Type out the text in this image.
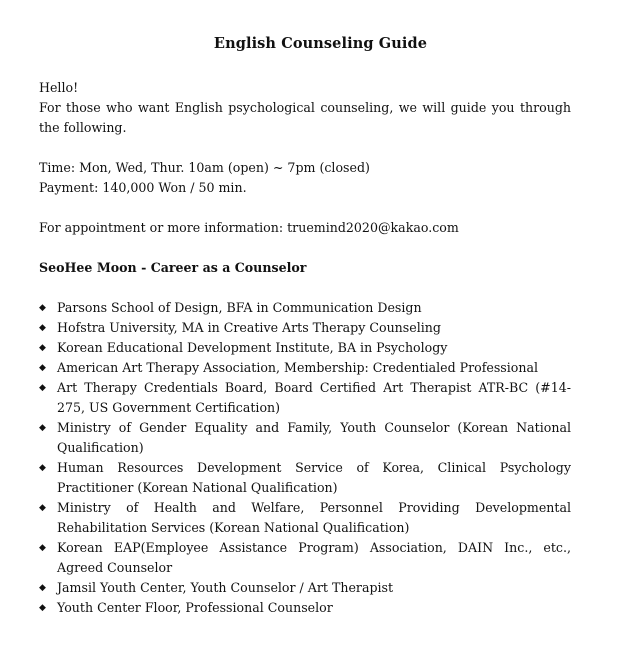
English Counseling Guide

Hello!

For those who want English psychological counseling, we will guide you through the following.

Time: Mon, Wed, Thur. 10am (open) ~ 7pm (closed)

Payment: 140,000 Won / 50 min.

For appointment or more information: truemind2020@kakao.com

SeoHee Moon - Career as a Counselor

◆ Parsons School of Design, BFA in Communication Design
◆ Hofstra University, MA in Creative Arts Therapy Counseling
◆ Korean Educational Development Institute, BA in Psychology
◆ American Art Therapy Association, Membership: Credentialed Professional
◆ Art Therapy Credentials Board, Board Certified Art Therapist ATR-BC (#14-275, US Government Certification)
◆ Ministry of Gender Equality and Family, Youth Counselor (Korean National Qualification)
◆ Human Resources Development Service of Korea, Clinical Psychology Practitioner (Korean National Qualification)
◆ Ministry of Health and Welfare, Personnel Providing Developmental Rehabilitation Services (Korean National Qualification)
◆ Korean EAP(Employee Assistance Program) Association, DAIN Inc., etc., Agreed Counselor
◆ Jamsil Youth Center, Youth Counselor / Art Therapist
◆ Youth Center Floor, Professional Counselor
